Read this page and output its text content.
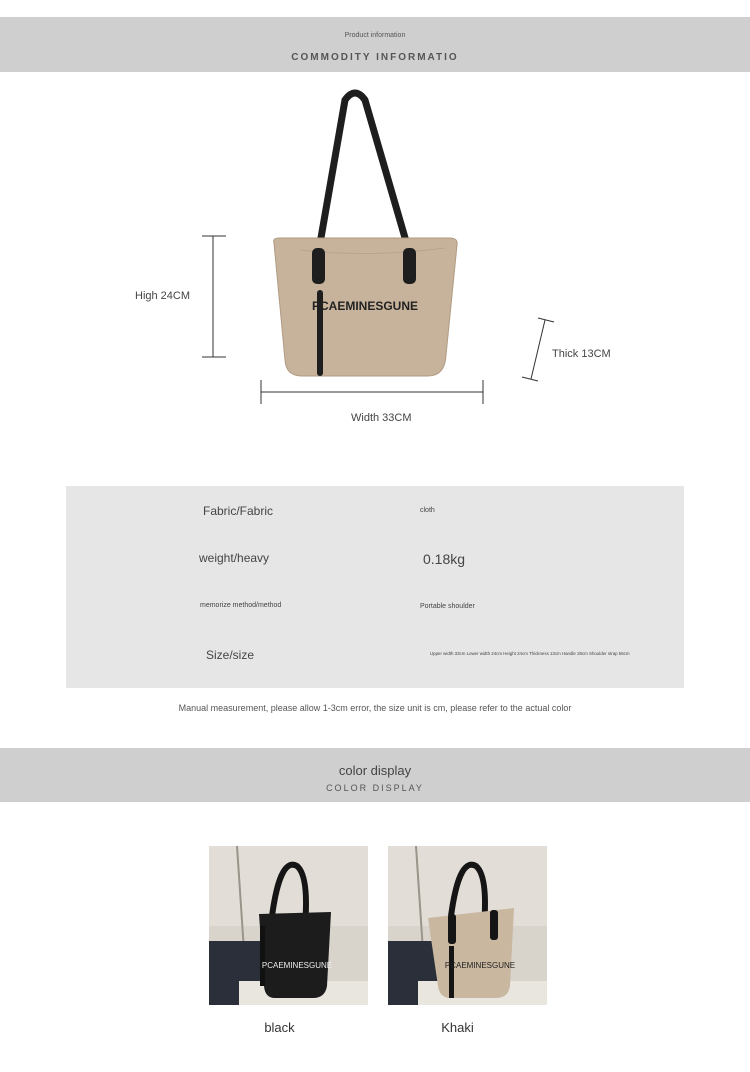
Product information
COMMODITY INFORMATIO
PCAEMINESGUNE
High 24CM
Thick 13CM
Width 33CM
Fabric/Fabric	cloth
weight/heavy	0.18kg
memorize method/method	Portable shoulder
Size/size	Upper width 33cm Lower width 24cm Height 24cm Thickness 13cm Handle 28cm Shoulder strap 56cm
Manual measurement, please allow 1-3cm error, the size unit is cm, please refer to the actual color
color display
COLOR DISPLAY
PCAEMINESGUNE	PCAEMINESGUNE
black	Khaki
